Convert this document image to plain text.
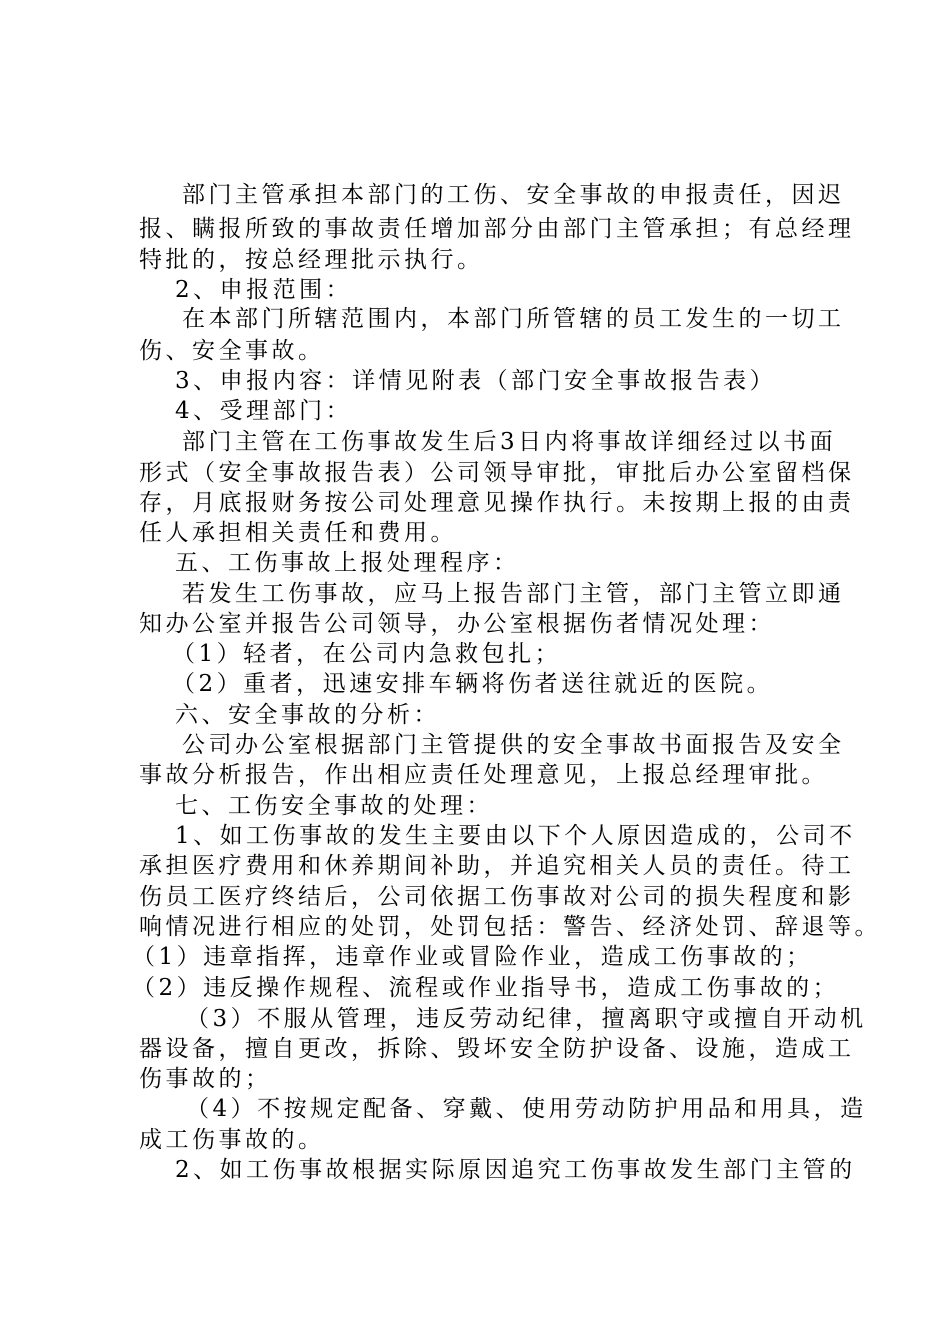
部门主管承担本部门的工伤、安全事故的申报责任，因迟
报、瞒报所致的事故责任增加部分由部门主管承担；有总经理
特批的，按总经理批示执行。
2、申报范围：
在本部门所辖范围内，本部门所管辖的员工发生的一切工
伤、安全事故。
3、申报内容：详情见附表（部门安全事故报告表）
4、受理部门：
部门主管在工伤事故发生后3日内将事故详细经过以书面
形式（安全事故报告表）公司领导审批，审批后办公室留档保
存，月底报财务按公司处理意见操作执行。未按期上报的由责
任人承担相关责任和费用。
五、工伤事故上报处理程序：
若发生工伤事故，应马上报告部门主管，部门主管立即通
知办公室并报告公司领导，办公室根据伤者情况处理：
（1）轻者，在公司内急救包扎；
（2）重者，迅速安排车辆将伤者送往就近的医院。
六、安全事故的分析：
公司办公室根据部门主管提供的安全事故书面报告及安全
事故分析报告，作出相应责任处理意见，上报总经理审批。
七、工伤安全事故的处理：
1、如工伤事故的发生主要由以下个人原因造成的，公司不
承担医疗费用和休养期间补助，并追究相关人员的责任。待工
伤员工医疗终结后，公司依据工伤事故对公司的损失程度和影
响情况进行相应的处罚，处罚包括：警告、经济处罚、辞退等。
（1）违章指挥，违章作业或冒险作业，造成工伤事故的；
（2）违反操作规程、流程或作业指导书，造成工伤事故的；
（3）不服从管理，违反劳动纪律，擅离职守或擅自开动机
器设备，擅自更改，拆除、毁坏安全防护设备、设施，造成工
伤事故的；
（4）不按规定配备、穿戴、使用劳动防护用品和用具，造
成工伤事故的。
2、如工伤事故根据实际原因追究工伤事故发生部门主管的
